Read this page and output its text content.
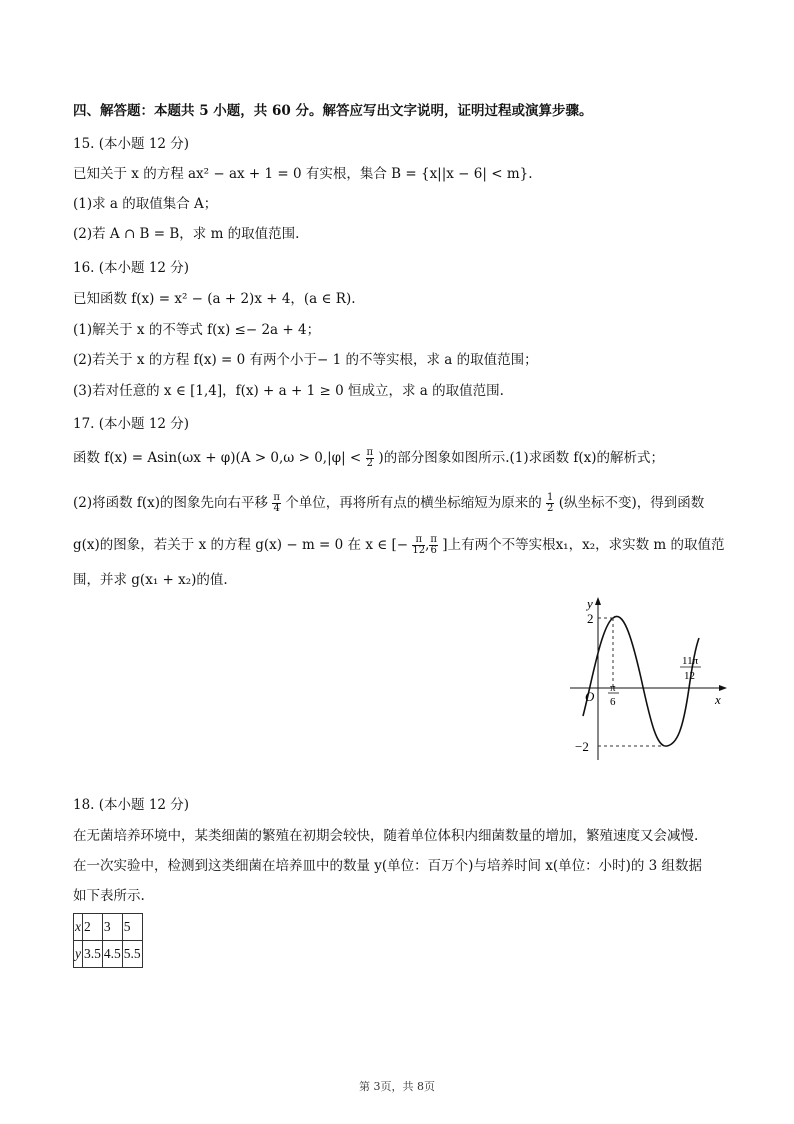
四、解答题：本题共 5 小题，共 60 分。解答应写出文字说明，证明过程或演算步骤。
15. (本小题 12 分)
已知关于 x 的方程 ax² − ax + 1 = 0 有实根，集合 B = {x||x − 6| < m}.
(1)求 a 的取值集合 A；
(2)若 A ∩ B = B，求 m 的取值范围.
16. (本小题 12 分)
已知函数 f(x) = x² − (a + 2)x + 4，(a ∈ R).
(1)解关于 x 的不等式 f(x) ≤− 2a + 4；
(2)若关于 x 的方程 f(x) = 0 有两个小于− 1 的不等实根，求 a 的取值范围；
(3)若对任意的 x ∈ [1,4]，f(x) + a + 1 ≥ 0 恒成立，求 a 的取值范围.
17. (本小题 12 分)
函数 $f(x) = Asin(\omega x + \varphi)(A > 0,\omega > 0,|\varphi| < \frac{\pi}{2}$ )的部分图象如图所示.(1)求函数 f(x)的解析式；
(2)将函数 f(x)的图象先向右平移 $\frac{\pi}{4}$ 个单位，再将所有点的横坐标缩短为原来的 $\frac{1}{2}$ (纵坐标不变)，得到函数
g(x)的图象，若关于 x 的方程 g(x) − m = 0 在 x ∈ [− $\frac{\pi}{12}$ , $\frac{\pi}{6}$ ]上有两个不等实根x₁，x₂，求实数 m 的取值范
围，并求 g(x₁ + x₂)的值.
y
x
O
2
−2
π
6
11π
12
18. (本小题 12 分)
在无菌培养环境中，某类细菌的繁殖在初期会较快，随着单位体积内细菌数量的增加，繁殖速度又会减慢.
在一次实验中，检测到这类细菌在培养皿中的数量 y(单位：百万个)与培养时间 x(单位：小时)的 3 组数据
如下表所示.
x	2	3	5
y	3.5	4.5	5.5
第 3页，共 8页
